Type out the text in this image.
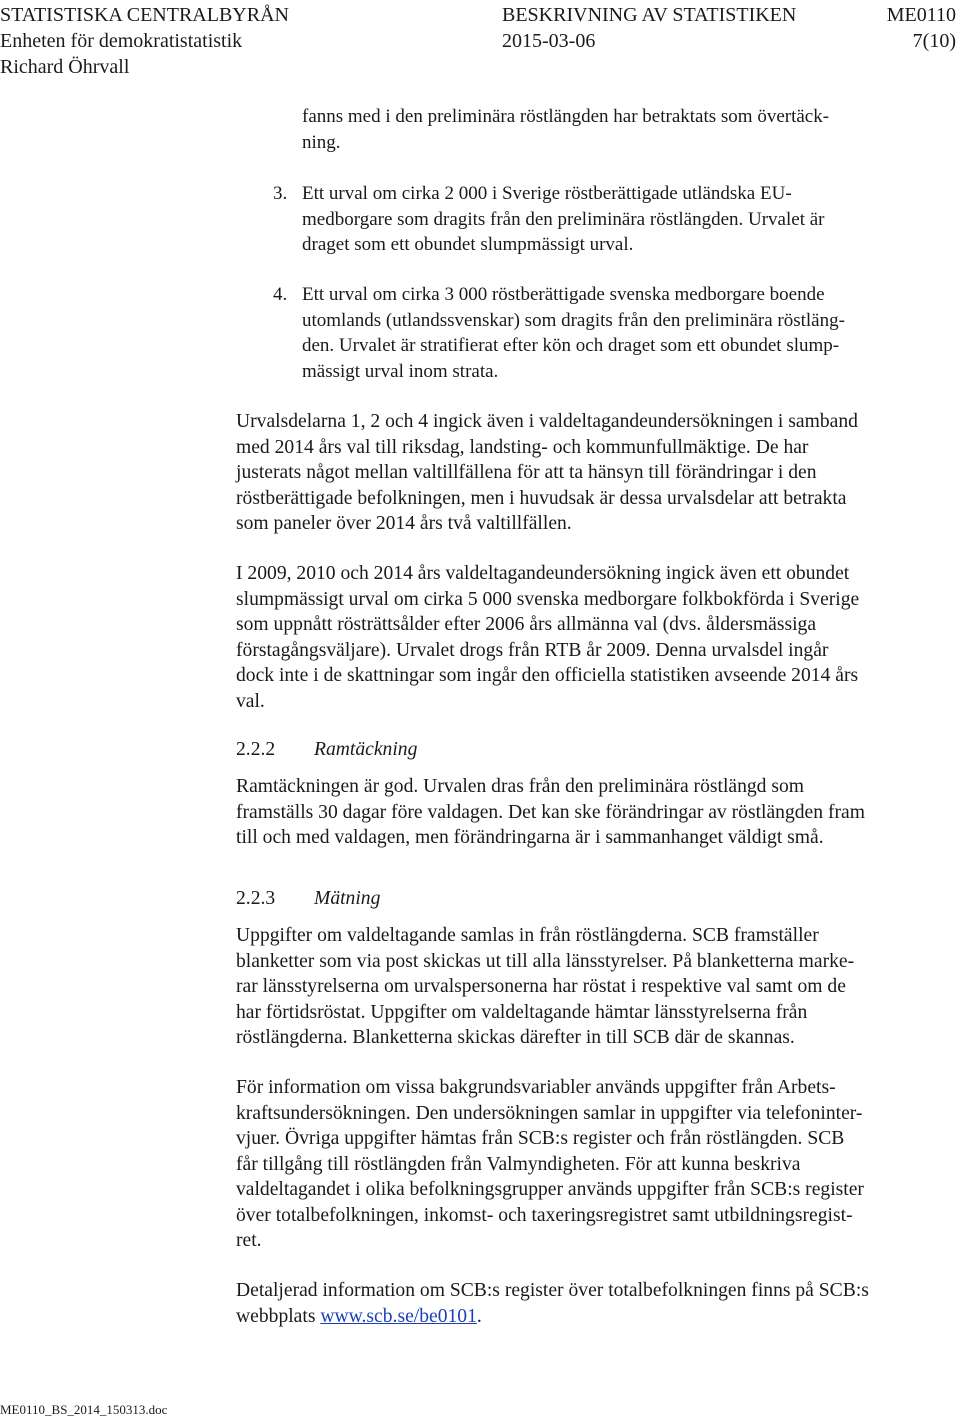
STATISTISKA CENTRALBYRÅN	BESKRIVNING AV STATISTIKEN	ME0110
Enheten för demokratistatistik	2015-03-06	7(10)
Richard Öhrvall
fanns med i den preliminära röstlängden har betraktats som övertäck-
ning.
3. Ett urval om cirka 2 000 i Sverige röstberättigade utländska EU-
medborgare som dragits från den preliminära röstlängden. Urvalet är
draget som ett obundet slumpmässigt urval.
4. Ett urval om cirka 3 000 röstberättigade svenska medborgare boende
utomlands (utlandssvenskar) som dragits från den preliminära röstläng-
den. Urvalet är stratifierat efter kön och draget som ett obundet slump-
mässigt urval inom strata.
Urvalsdelarna 1, 2 och 4 ingick även i valdeltagandeundersökningen i samband
med 2014 års val till riksdag, landsting- och kommunfullmäktige. De har
justerats något mellan valtillfällena för att ta hänsyn till förändringar i den
röstberättigade befolkningen, men i huvudsak är dessa urvalsdelar att betrakta
som paneler över 2014 års två valtillfällen.
I 2009, 2010 och 2014 års valdeltagandeundersökning ingick även ett obundet
slumpmässigt urval om cirka 5 000 svenska medborgare folkbokförda i Sverige
som uppnått rösträttsålder efter 2006 års allmänna val (dvs. åldersmässiga
förstagångsväljare). Urvalet drogs från RTB år 2009. Denna urvalsdel ingår
dock inte i de skattningar som ingår den officiella statistiken avseende 2014 års
val.
2.2.2 Ramtäckning
Ramtäckningen är god. Urvalen dras från den preliminära röstlängd som
framställs 30 dagar före valdagen. Det kan ske förändringar av röstlängden fram
till och med valdagen, men förändringarna är i sammanhanget väldigt små.
2.2.3 Mätning
Uppgifter om valdeltagande samlas in från röstlängderna. SCB framställer
blanketter som via post skickas ut till alla länsstyrelser. På blanketterna marke-
rar länsstyrelserna om urvalspersonerna har röstat i respektive val samt om de
har förtidsröstat. Uppgifter om valdeltagande hämtar länsstyrelserna från
röstlängderna. Blanketterna skickas därefter in till SCB där de skannas.
För information om vissa bakgrundsvariabler används uppgifter från Arbets-
kraftsundersökningen. Den undersökningen samlar in uppgifter via telefoninter-
vjuer. Övriga uppgifter hämtas från SCB:s register och från röstlängden. SCB
får tillgång till röstlängden från Valmyndigheten. För att kunna beskriva
valdeltagandet i olika befolkningsgrupper används uppgifter från SCB:s register
över totalbefolkningen, inkomst- och taxeringsregistret samt utbildningsregist-
ret.
Detaljerad information om SCB:s register över totalbefolkningen finns på SCB:s
webbplats www.scb.se/be0101.
ME0110_BS_2014_150313.doc
